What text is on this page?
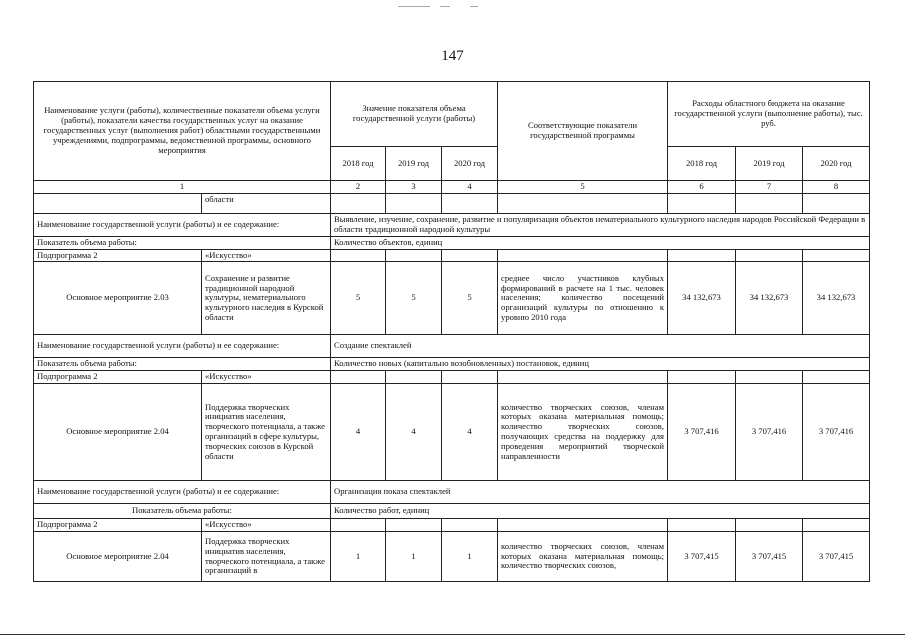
147
Наименование услуги (работы), количественные показатели объема услуги (работы), показатели качества государственных услуг на оказание государственных услуг (выполнения работ) областными государственными учреждениями, подпрограммы, ведомственной программы, основного мероприятия		Значение показателя объема государственной услуги (работы)			Соответствующие показатели государственной программы	Расходы областного бюджета на оказание государственной услуги (выполнение работы), тыс. руб.		
		2018 год	2019 год	2020 год		2018 год	2019 год	2020 год
1		2	3	4	5	6	7	8
	области							
Наименование государственной услуги (работы) и ее содержание:		Выявление, изучение, сохранение, развитие и популяризация объектов нематериального культурного наследия народов Российской Федерации в области традиционной народной культуры						
Показатель объема работы:		Количество объектов, единиц						
Подпрограмма 2	«Искусство»							
Основное мероприятие 2.03	Сохранение и развитие традиционной народной культуры, нематериального культурного наследия в Курской области	5	5	5	среднее число участников клубных формирований в расчете на 1 тыс. человек населения; количество посещений организаций культуры по отношению к уровню 2010 года	34 132,673	34 132,673	34 132,673
Наименование государственной услуги (работы) и ее содержание:		Создание спектаклей						
Показатель объема работы:		Количество новых (капитально возобновленных) постановок, единиц						
Подпрограмма 2	«Искусство»							
Основное мероприятие 2.04	Поддержка творческих инициатив населения, творческого потенциала, а также организаций в сфере культуры, творческих союзов в Курской области	4	4	4	количество творческих союзов, членам которых оказана материальная помощь; количество творческих союзов, получающих средства на поддержку для проведения мероприятий творческой направленности	3 707,416	3 707,416	3 707,416
Наименование государственной услуги (работы) и ее содержание:		Организация показа спектаклей						
Показатель объема работы:		Количество работ, единиц						
Подпрограмма 2	«Искусство»							
Основное мероприятие 2.04	Поддержка творческих инициатив населения, творческого потенциала, а также организаций в	1	1	1	количество творческих союзов, членам которых оказана материальная помощь; количество творческих союзов,	3 707,415	3 707,415	3 707,415
